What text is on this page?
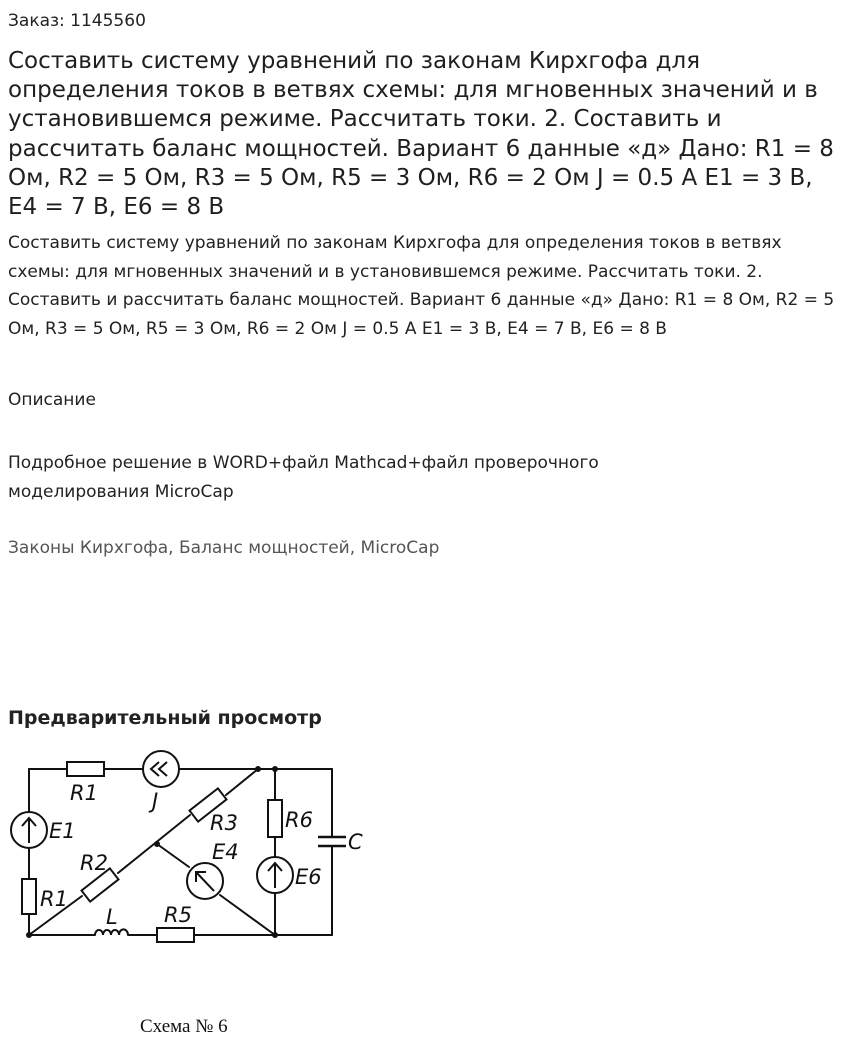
Заказ: 1145560
Составить систему уравнений по законам Кирхгофа для определения токов в ветвях схемы: для мгновенных значений и в установившемся режиме. Рассчитать токи. 2. Составить и рассчитать баланс мощностей. Вариант 6 данные «д» Дано: R1 = 8 Ом, R2 = 5 Ом, R3 = 5 Ом, R5 = 3 Ом, R6 = 2 Ом J = 0.5 A E1 = 3 B, E4 = 7 B, E6 = 8 B

Составить систему уравнений по законам Кирхгофа для определения токов в ветвях схемы: для мгновенных значений и в установившемся режиме. Рассчитать токи. 2. Составить и рассчитать баланс мощностей. Вариант 6 данные «д» Дано: R1 = 8 Ом, R2 = 5 Ом, R3 = 5 Ом, R5 = 3 Ом, R6 = 2 Ом J = 0.5 A E1 = 3 B, E4 = 7 B, E6 = 8 B

Описание

Подробное решение в WORD+файл Mathcad+файл проверочного моделирования MicroCap

Законы Кирхгофа, Баланс мощностей, MicroCap
Предварительный просмотр
R1	J
R3 R6
C
E1
E4
E6
R2
R1
L R5
Схема № 6
